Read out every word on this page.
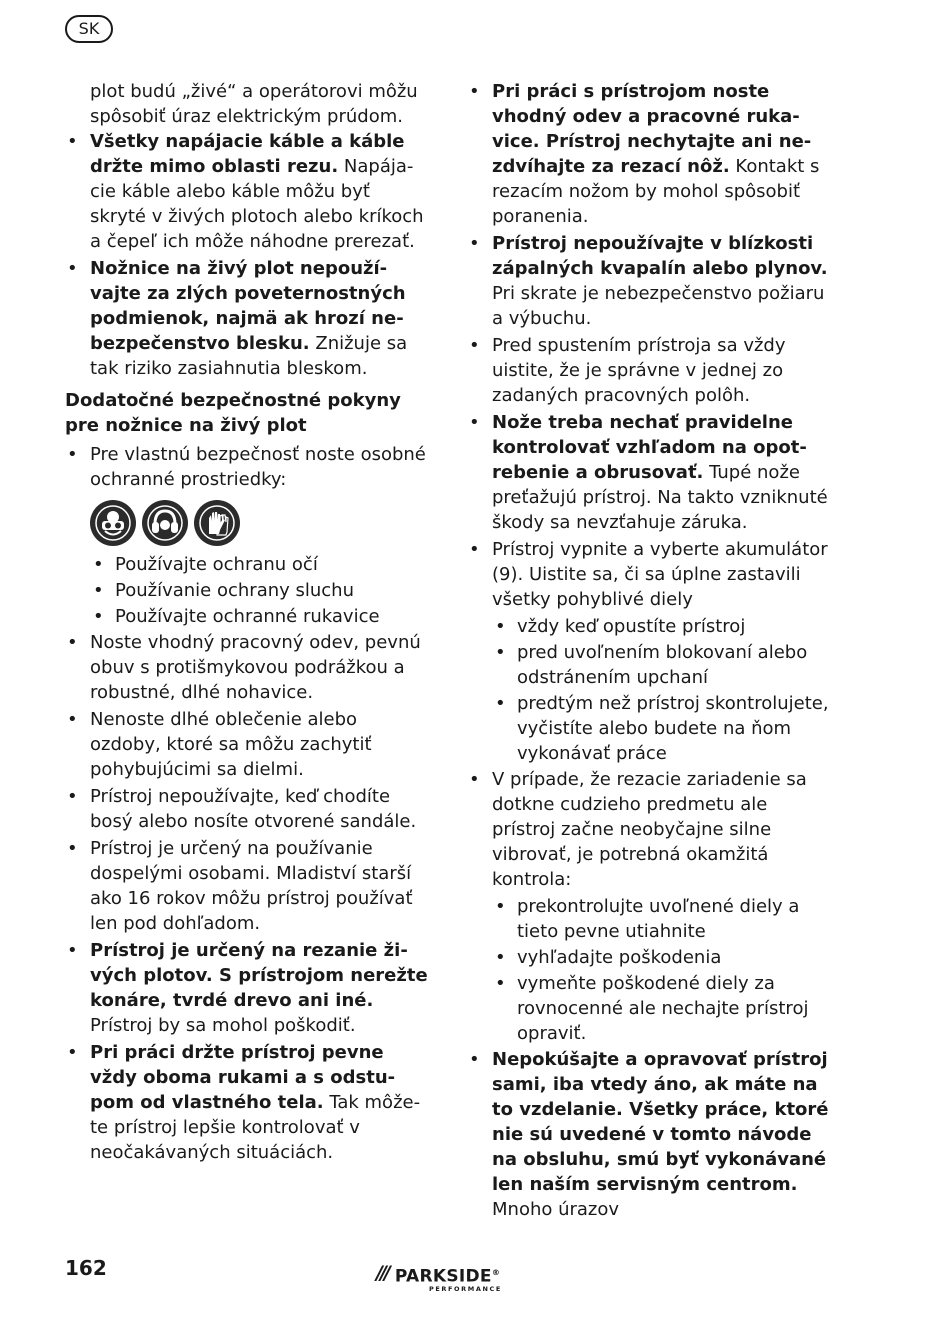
SK

plot budú „živé“ a operátorovi môžu spôsobiť úraz elektrickým prúdom.

• Všetky napájacie káble a káble držte mimo oblasti rezu. Napájacie káble alebo káble môžu byť skryté v živých plotoch alebo kríkoch a čepeľ ich môže náhodne prerezať.
• Nožnice na živý plot nepoužívajte za zlých poveternostných podmienok, najmä ak hrozí nebezpečenstvo blesku. Znižuje sa tak riziko zasiahnutia bleskom.

Dodatočné bezpečnostné pokyny pre nožnice na živý plot

• Pre vlastnú bezpečnosť noste osobné ochranné prostriedky:
• Používajte ochranu očí
• Používanie ochrany sluchu
• Používajte ochranné rukavice
• Noste vhodný pracovný odev, pevnú obuv s protišmykovou podrážkou a robustné, dlhé nohavice.
• Nenoste dlhé oblečenie alebo ozdoby, ktoré sa môžu zachytiť pohybujúcimi sa dielmi.
• Prístroj nepoužívajte, keď chodíte bosý alebo nosíte otvorené sandále.
• Prístroj je určený na používanie dospelými osobami. Mladiství starší ako 16 rokov môžu prístroj používať len pod dohľadom.
• Prístroj je určený na rezanie živých plotov. S prístrojom nerežte konáre, tvrdé drevo ani iné. Prístroj by sa mohol poškodiť.
• Pri práci držte prístroj pevne vždy oboma rukami a s odstupom od vlastného tela. Tak môžete prístroj lepšie kontrolovať v neočakávaných situáciách.
• Pri práci s prístrojom noste vhodný odev a pracovné rukavice. Prístroj nechytajte ani nezdvíhajte za rezací nôž. Kontakt s rezacím nožom by mohol spôsobiť poranenia.
• Prístroj nepoužívajte v blízkosti zápalných kvapalín alebo plynov. Pri skrate je nebezpečenstvo požiaru a výbuchu.
• Pred spustením prístroja sa vždy uistite, že je správne v jednej zo zadaných pracovných polôh.
• Nože treba nechať pravidelne kontrolovať vzhľadom na opotrebenie a obrusovať. Tupé nože preťažujú prístroj. Na takto vzniknuté škody sa nevzťahuje záruka.
• Prístroj vypnite a vyberte akumulátor (9). Uistite sa, či sa úplne zastavili všetky pohyblivé diely
• vždy keď opustíte prístroj
• pred uvoľnením blokovaní alebo odstránením upchaní
• predtým než prístroj skontrolujete, vyčistíte alebo budete na ňom vykonávať práce
• V prípade, že rezacie zariadenie sa dotkne cudzieho predmetu ale prístroj začne neobyčajne silne vibrovať, je potrebná okamžitá kontrola:
• prekontrolujte uvoľnené diely a tieto pevne utiahnite
• vyhľadajte poškodenia
• vymeňte poškodené diely za rovnocenné ale nechajte prístroj opraviť.
• Nepokúšajte a opravovať prístroj sami, iba vtedy áno, ak máte na to vzdelanie. Všetky práce, ktoré nie sú uvedené v tomto návode na obsluhu, smú byť vykonávané len naším servisným centrom. Mnoho úrazov
162	/// PARKSIDE®
PERFORMANCE
